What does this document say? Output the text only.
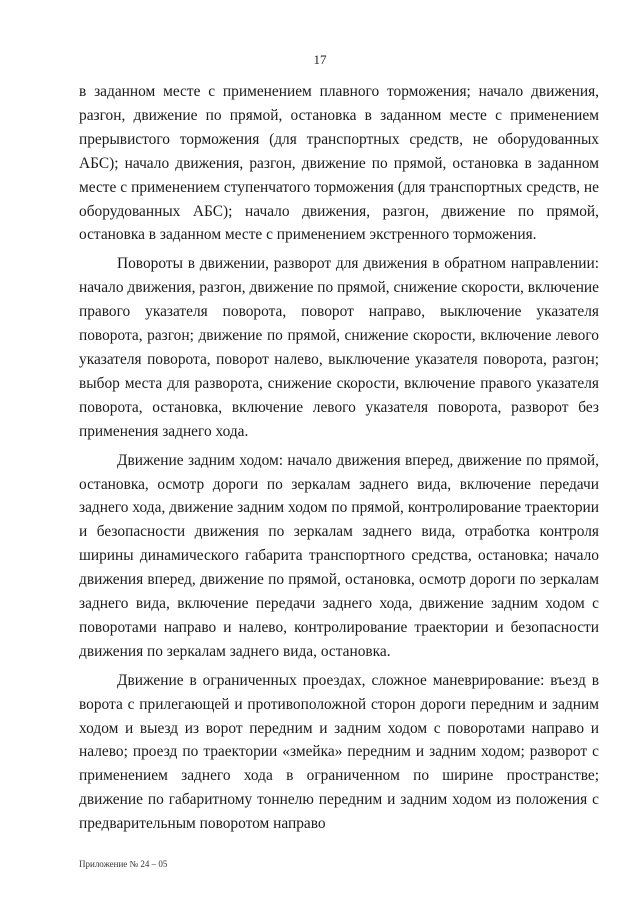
17

в заданном месте с применением плавного торможения; начало движения, разгон, движение по прямой, остановка в заданном месте с применением прерывистого торможения (для транспортных средств, не оборудованных АБС); начало движения, разгон, движение по прямой, остановка в заданном месте с применением ступенчатого торможения (для транспортных средств, не оборудованных АБС); начало движения, разгон, движение по прямой, остановка в заданном месте с применением экстренного торможения.

Повороты в движении, разворот для движения в обратном направлении: начало движения, разгон, движение по прямой, снижение скорости, включение правого указателя поворота, поворот направо, выключение указателя поворота, разгон; движение по прямой, снижение скорости, включение левого указателя поворота, поворот налево, выключение указателя поворота, разгон; выбор места для разворота, снижение скорости, включение правого указателя поворота, остановка, включение левого указателя поворота, разворот без применения заднего хода.

Движение задним ходом: начало движения вперед, движение по прямой, остановка, осмотр дороги по зеркалам заднего вида, включение передачи заднего хода, движение задним ходом по прямой, контролирование траектории и безопасности движения по зеркалам заднего вида, отработка контроля ширины динамического габарита транспортного средства, остановка; начало движения вперед, движение по прямой, остановка, осмотр дороги по зеркалам заднего вида, включение передачи заднего хода, движение задним ходом с поворотами направо и налево, контролирование траектории и безопасности движения по зеркалам заднего вида, остановка.

Движение в ограниченных проездах, сложное маневрирование: въезд в ворота с прилегающей и противоположной сторон дороги передним и задним ходом и выезд из ворот передним и задним ходом с поворотами направо и налево; проезд по траектории «змейка» передним и задним ходом; разворот с применением заднего хода в ограниченном по ширине пространстве; движение по габаритному тоннелю передним и задним ходом из положения с предварительным поворотом направо

Приложение № 24 – 05
